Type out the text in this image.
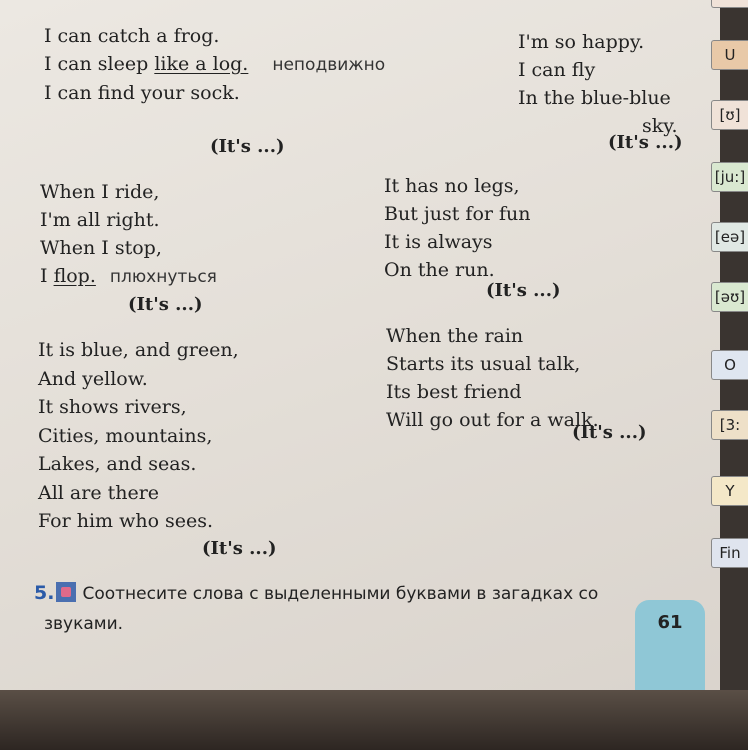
I can catch a frog.
I can sleep like a log. неподвижно
I can find your sock.
I'm so happy.
I can fly
In the blue-blue
sky.
(It's ...)	(It's ...)
When I ride,
I'm all right.
When I stop,
I flop. плюхнуться
(It's ...)
It has no legs,
But just for fun
It is always
On the run.
(It's ...)
It is blue, and green,
And yellow.
It shows rivers,
Cities, mountains,
Lakes, and seas.
All are there
For him who sees.
(It's ...)
When the rain
Starts its usual talk,
Its best friend
Will go out for a walk.
(It's ...)
5. Соотнесите слова с выделенными буквами в загадках со
звуками.	61
U
[ʊ]
[ju:]
[eə]
[əʊ]
O
[3:
Y
Fin
